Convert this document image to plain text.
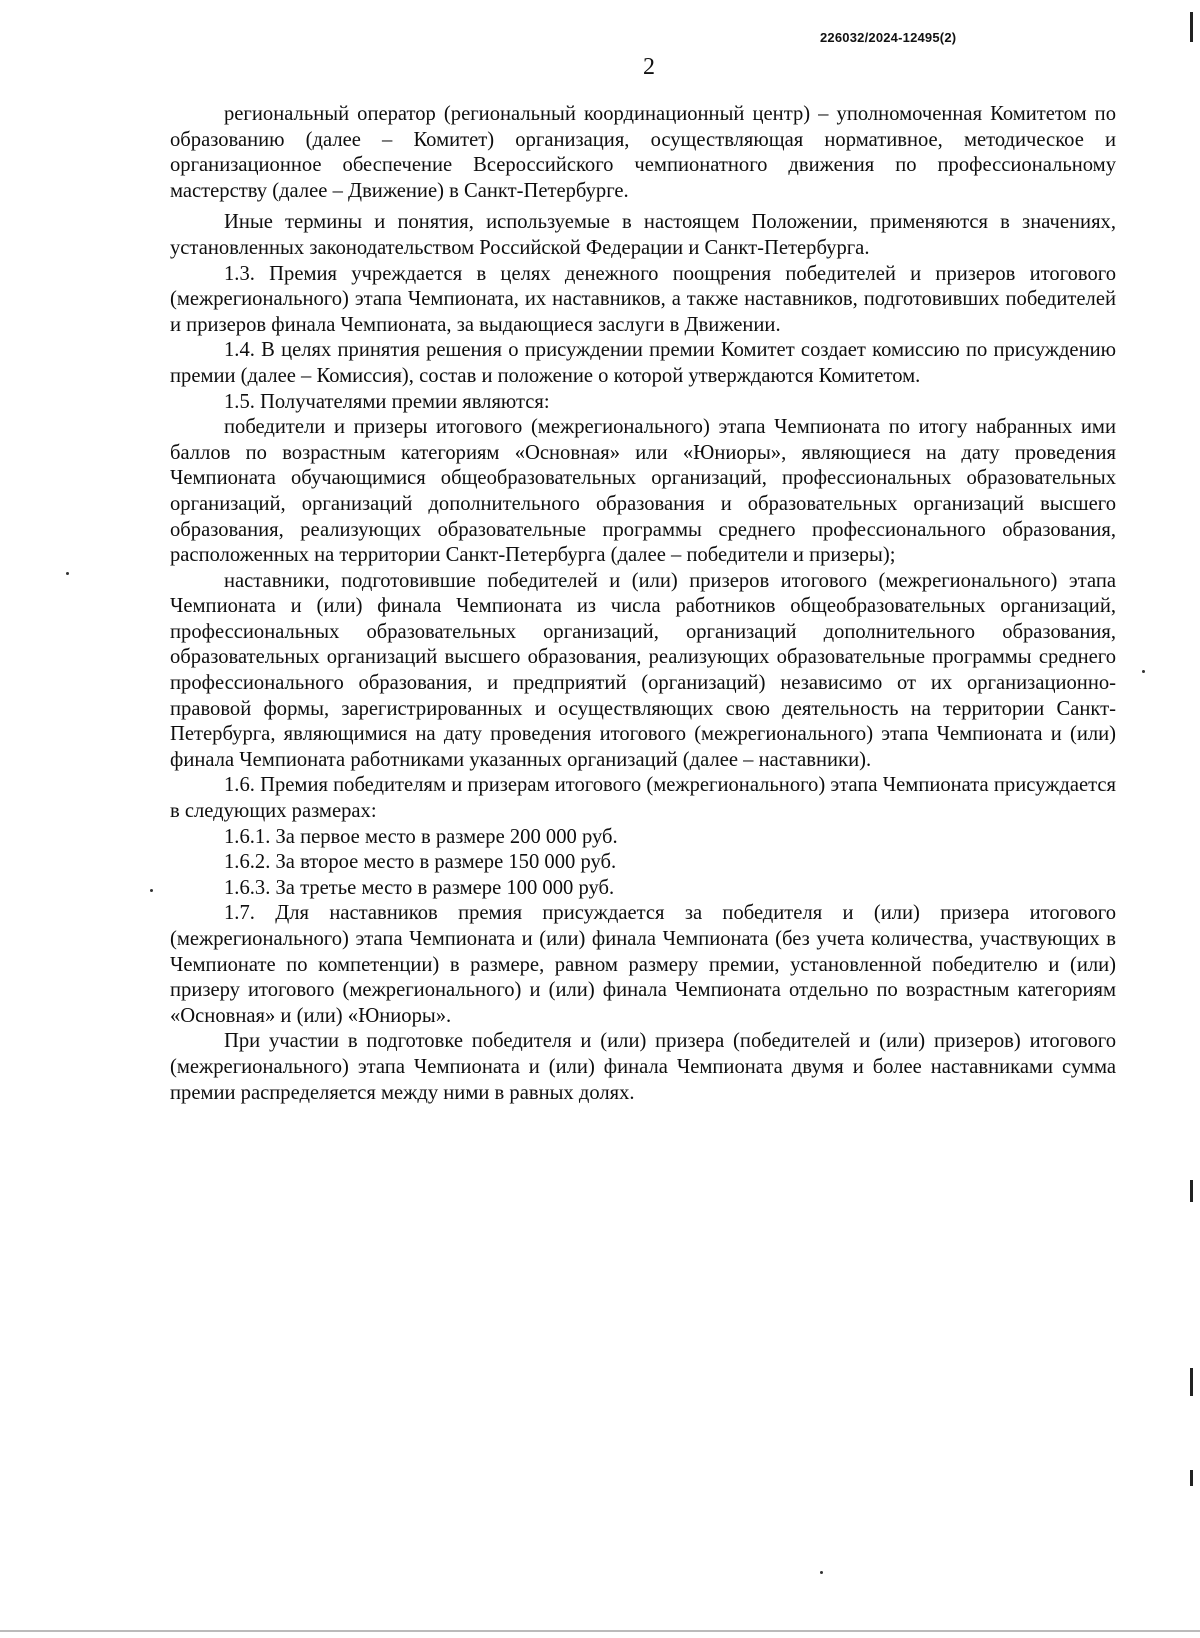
226032/2024-12495(2)
2

региональный оператор (региональный координационный центр) – уполномоченная Комитетом по образованию (далее – Комитет) организация, осуществляющая нормативное, методическое и организационное обеспечение Всероссийского чемпионатного движения по профессиональному мастерству (далее – Движение) в Санкт-Петербурге.

Иные термины и понятия, используемые в настоящем Положении, применяются в значениях, установленных законодательством Российской Федерации и Санкт-Петербурга.

1.3. Премия учреждается в целях денежного поощрения победителей и призеров итогового (межрегионального) этапа Чемпионата, их наставников, а также наставников, подготовивших победителей и призеров финала Чемпионата, за выдающиеся заслуги в Движении.

1.4. В целях принятия решения о присуждении премии Комитет создает комиссию по присуждению премии (далее – Комиссия), состав и положение о которой утверждаются Комитетом.

1.5. Получателями премии являются:

победители и призеры итогового (межрегионального) этапа Чемпионата по итогу набранных ими баллов по возрастным категориям «Основная» или «Юниоры», являющиеся на дату проведения Чемпионата обучающимися общеобразовательных организаций, профессиональных образовательных организаций, организаций дополнительного образования и образовательных организаций высшего образования, реализующих образовательные программы среднего профессионального образования, расположенных на территории Санкт-Петербурга (далее – победители и призеры);

наставники, подготовившие победителей и (или) призеров итогового (межрегионального) этапа Чемпионата и (или) финала Чемпионата из числа работников общеобразовательных организаций, профессиональных образовательных организаций, организаций дополнительного образования, образовательных организаций высшего образования, реализующих образовательные программы среднего профессионального образования, и предприятий (организаций) независимо от их организационно-правовой формы, зарегистрированных и осуществляющих свою деятельность на территории Санкт-Петербурга, являющимися на дату проведения итогового (межрегионального) этапа Чемпионата и (или) финала Чемпионата работниками указанных организаций (далее – наставники).

1.6. Премия победителям и призерам итогового (межрегионального) этапа Чемпионата присуждается в следующих размерах:

1.6.1. За первое место в размере 200 000 руб.

1.6.2. За второе место в размере 150 000 руб.

1.6.3. За третье место в размере 100 000 руб.

1.7. Для наставников премия присуждается за победителя и (или) призера итогового (межрегионального) этапа Чемпионата и (или) финала Чемпионата (без учета количества, участвующих в Чемпионате по компетенции) в размере, равном размеру премии, установленной победителю и (или) призеру итогового (межрегионального) и (или) финала Чемпионата отдельно по возрастным категориям «Основная» и (или) «Юниоры».

При участии в подготовке победителя и (или) призера (победителей и (или) призеров) итогового (межрегионального) этапа Чемпионата и (или) финала Чемпионата двумя и более наставниками сумма премии распределяется между ними в равных долях.
